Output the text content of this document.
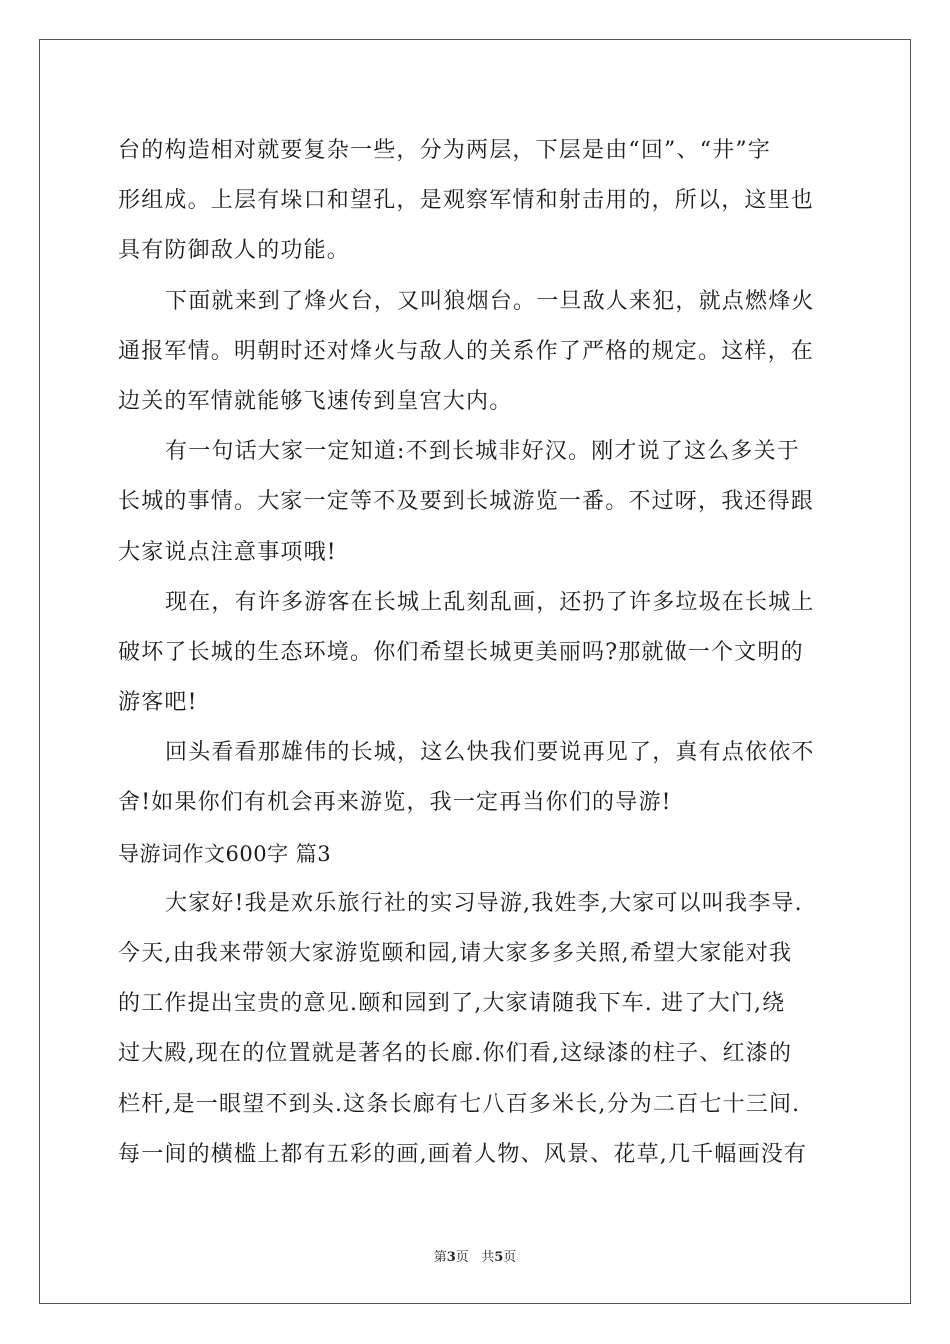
台的构造相对就要复杂一些，分为两层，下层是由“回”、“井”字
形组成。上层有垛口和望孔，是观察军情和射击用的，所以，这里也
具有防御敌人的功能。
下面就来到了烽火台，又叫狼烟台。一旦敌人来犯，就点燃烽火
通报军情。明朝时还对烽火与敌人的关系作了严格的规定。这样，在
边关的军情就能够飞速传到皇宫大内。
有一句话大家一定知道:不到长城非好汉。刚才说了这么多关于
长城的事情。大家一定等不及要到长城游览一番。不过呀，我还得跟
大家说点注意事项哦!
现在，有许多游客在长城上乱刻乱画，还扔了许多垃圾在长城上
破坏了长城的生态环境。你们希望长城更美丽吗?那就做一个文明的
游客吧!
回头看看那雄伟的长城，这么快我们要说再见了，真有点依依不
舍!如果你们有机会再来游览，我一定再当你们的导游!
导游词作文600字 篇3
大家好!我是欢乐旅行社的实习导游,我姓李,大家可以叫我李导.
今天,由我来带领大家游览颐和园,请大家多多关照,希望大家能对我
的工作提出宝贵的意见.颐和园到了,大家请随我下车. 进了大门,绕
过大殿,现在的位置就是著名的长廊.你们看,这绿漆的柱子、红漆的
栏杆,是一眼望不到头.这条长廊有七八百多米长,分为二百七十三间.
每一间的横槛上都有五彩的画,画着人物、风景、花草,几千幅画没有
第3页 共5页
